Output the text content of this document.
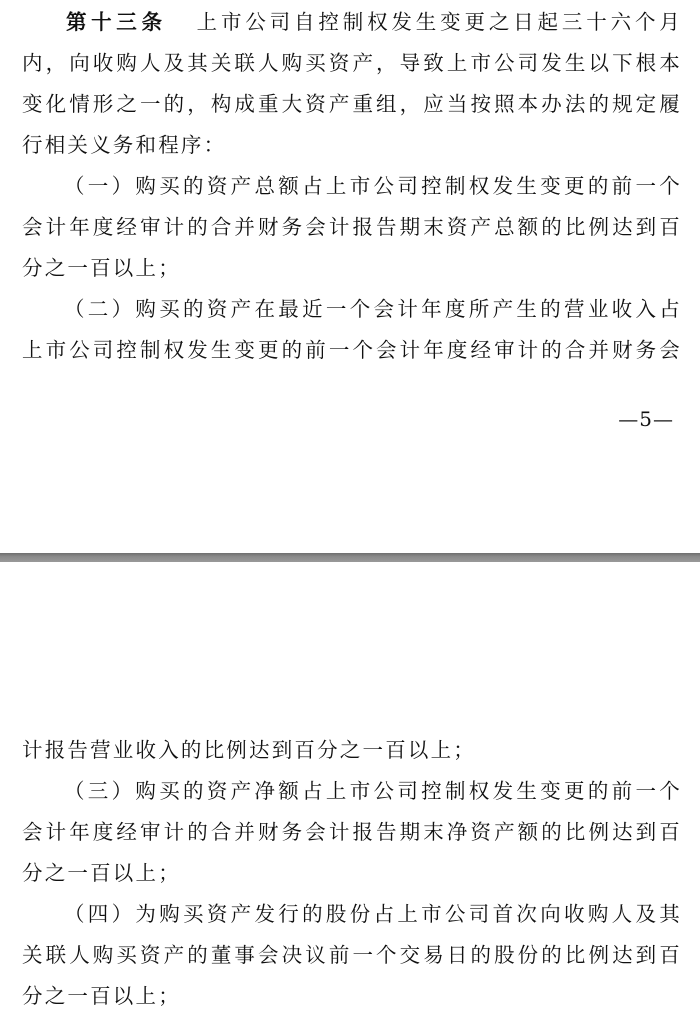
第十三条 上市公司自控制权发生变更之日起三十六个月
内，向收购人及其关联人购买资产，导致上市公司发生以下根本
变化情形之一的，构成重大资产重组，应当按照本办法的规定履
行相关义务和程序：
（一）购买的资产总额占上市公司控制权发生变更的前一个
会计年度经审计的合并财务会计报告期末资产总额的比例达到百
分之一百以上；
（二）购买的资产在最近一个会计年度所产生的营业收入占
上市公司控制权发生变更的前一个会计年度经审计的合并财务会
—5—
计报告营业收入的比例达到百分之一百以上；
（三）购买的资产净额占上市公司控制权发生变更的前一个
会计年度经审计的合并财务会计报告期末净资产额的比例达到百
分之一百以上；
（四）为购买资产发行的股份占上市公司首次向收购人及其
关联人购买资产的董事会决议前一个交易日的股份的比例达到百
分之一百以上；
